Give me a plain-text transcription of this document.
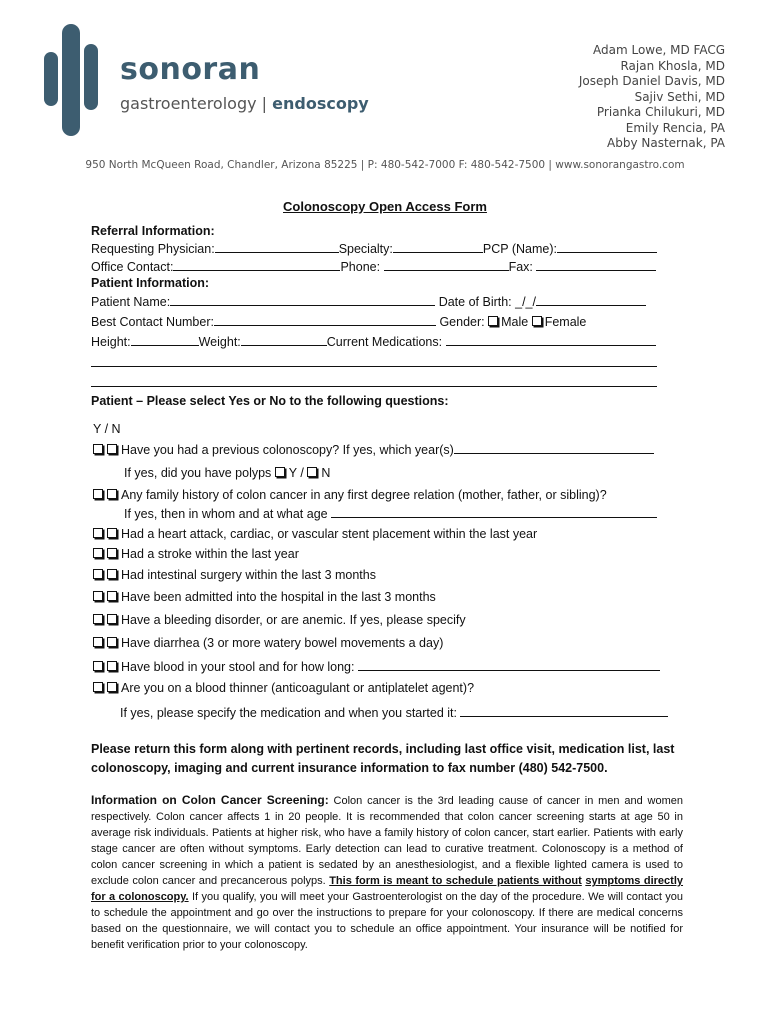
sonoran
gastroenterology | endoscopy
Adam Lowe, MD FACG
Rajan Khosla, MD
Joseph Daniel Davis, MD
Sajiv Sethi, MD
Prianka Chilukuri, MD
Emily Rencia, PA
Abby Nasternak, PA
950 North McQueen Road, Chandler, Arizona 85225 | P: 480-542-7000 F: 480-542-7500 | www.sonorangastro.com
Colonoscopy Open Access Form
Referral Information:
Requesting Physician:	Specialty:	PCP (Name):
Office Contact:	Phone:	Fax:
Patient Information:
Patient Name:	Date of Birth: _/_/
Best Contact Number:	Gender: Male Female
Height:	Weight:	Current Medications:
Patient – Please select Yes or No to the following questions:
Y / N
Have you had a previous colonoscopy? If yes, which year(s)
If yes, did you have polyps Y / N
Any family history of colon cancer in any first degree relation (mother, father, or sibling)?
If yes, then in whom and at what age
Had a heart attack, cardiac, or vascular stent placement within the last year
Had a stroke within the last year
Had intestinal surgery within the last 3 months
Have been admitted into the hospital in the last 3 months
Have a bleeding disorder, or are anemic. If yes, please specify
Have diarrhea (3 or more watery bowel movements a day)
Have blood in your stool and for how long:
Are you on a blood thinner (anticoagulant or antiplatelet agent)?
If yes, please specify the medication and when you started it:
Please return this form along with pertinent records, including last office visit, medication list, last colonoscopy, imaging and current insurance information to fax number (480) 542-7500.
Information on Colon Cancer Screening: Colon cancer is the 3rd leading cause of cancer in men and women respectively. Colon cancer affects 1 in 20 people. It is recommended that colon cancer screening starts at age 50 in average risk individuals. Patients at higher risk, who have a family history of colon cancer, start earlier. Patients with early stage cancer are often without symptoms. Early detection can lead to curative treatment. Colonoscopy is a method of colon cancer screening in which a patient is sedated by an anesthesiologist, and a flexible lighted camera is used to exclude colon cancer and precancerous polyps. This form is meant to schedule patients without symptoms directly for a colonoscopy. If you qualify, you will meet your Gastroenterologist on the day of the procedure. We will contact you to schedule the appointment and go over the instructions to prepare for your colonoscopy. If there are medical concerns based on the questionnaire, we will contact you to schedule an office appointment. Your insurance will be notified for benefit verification prior to your colonoscopy.
